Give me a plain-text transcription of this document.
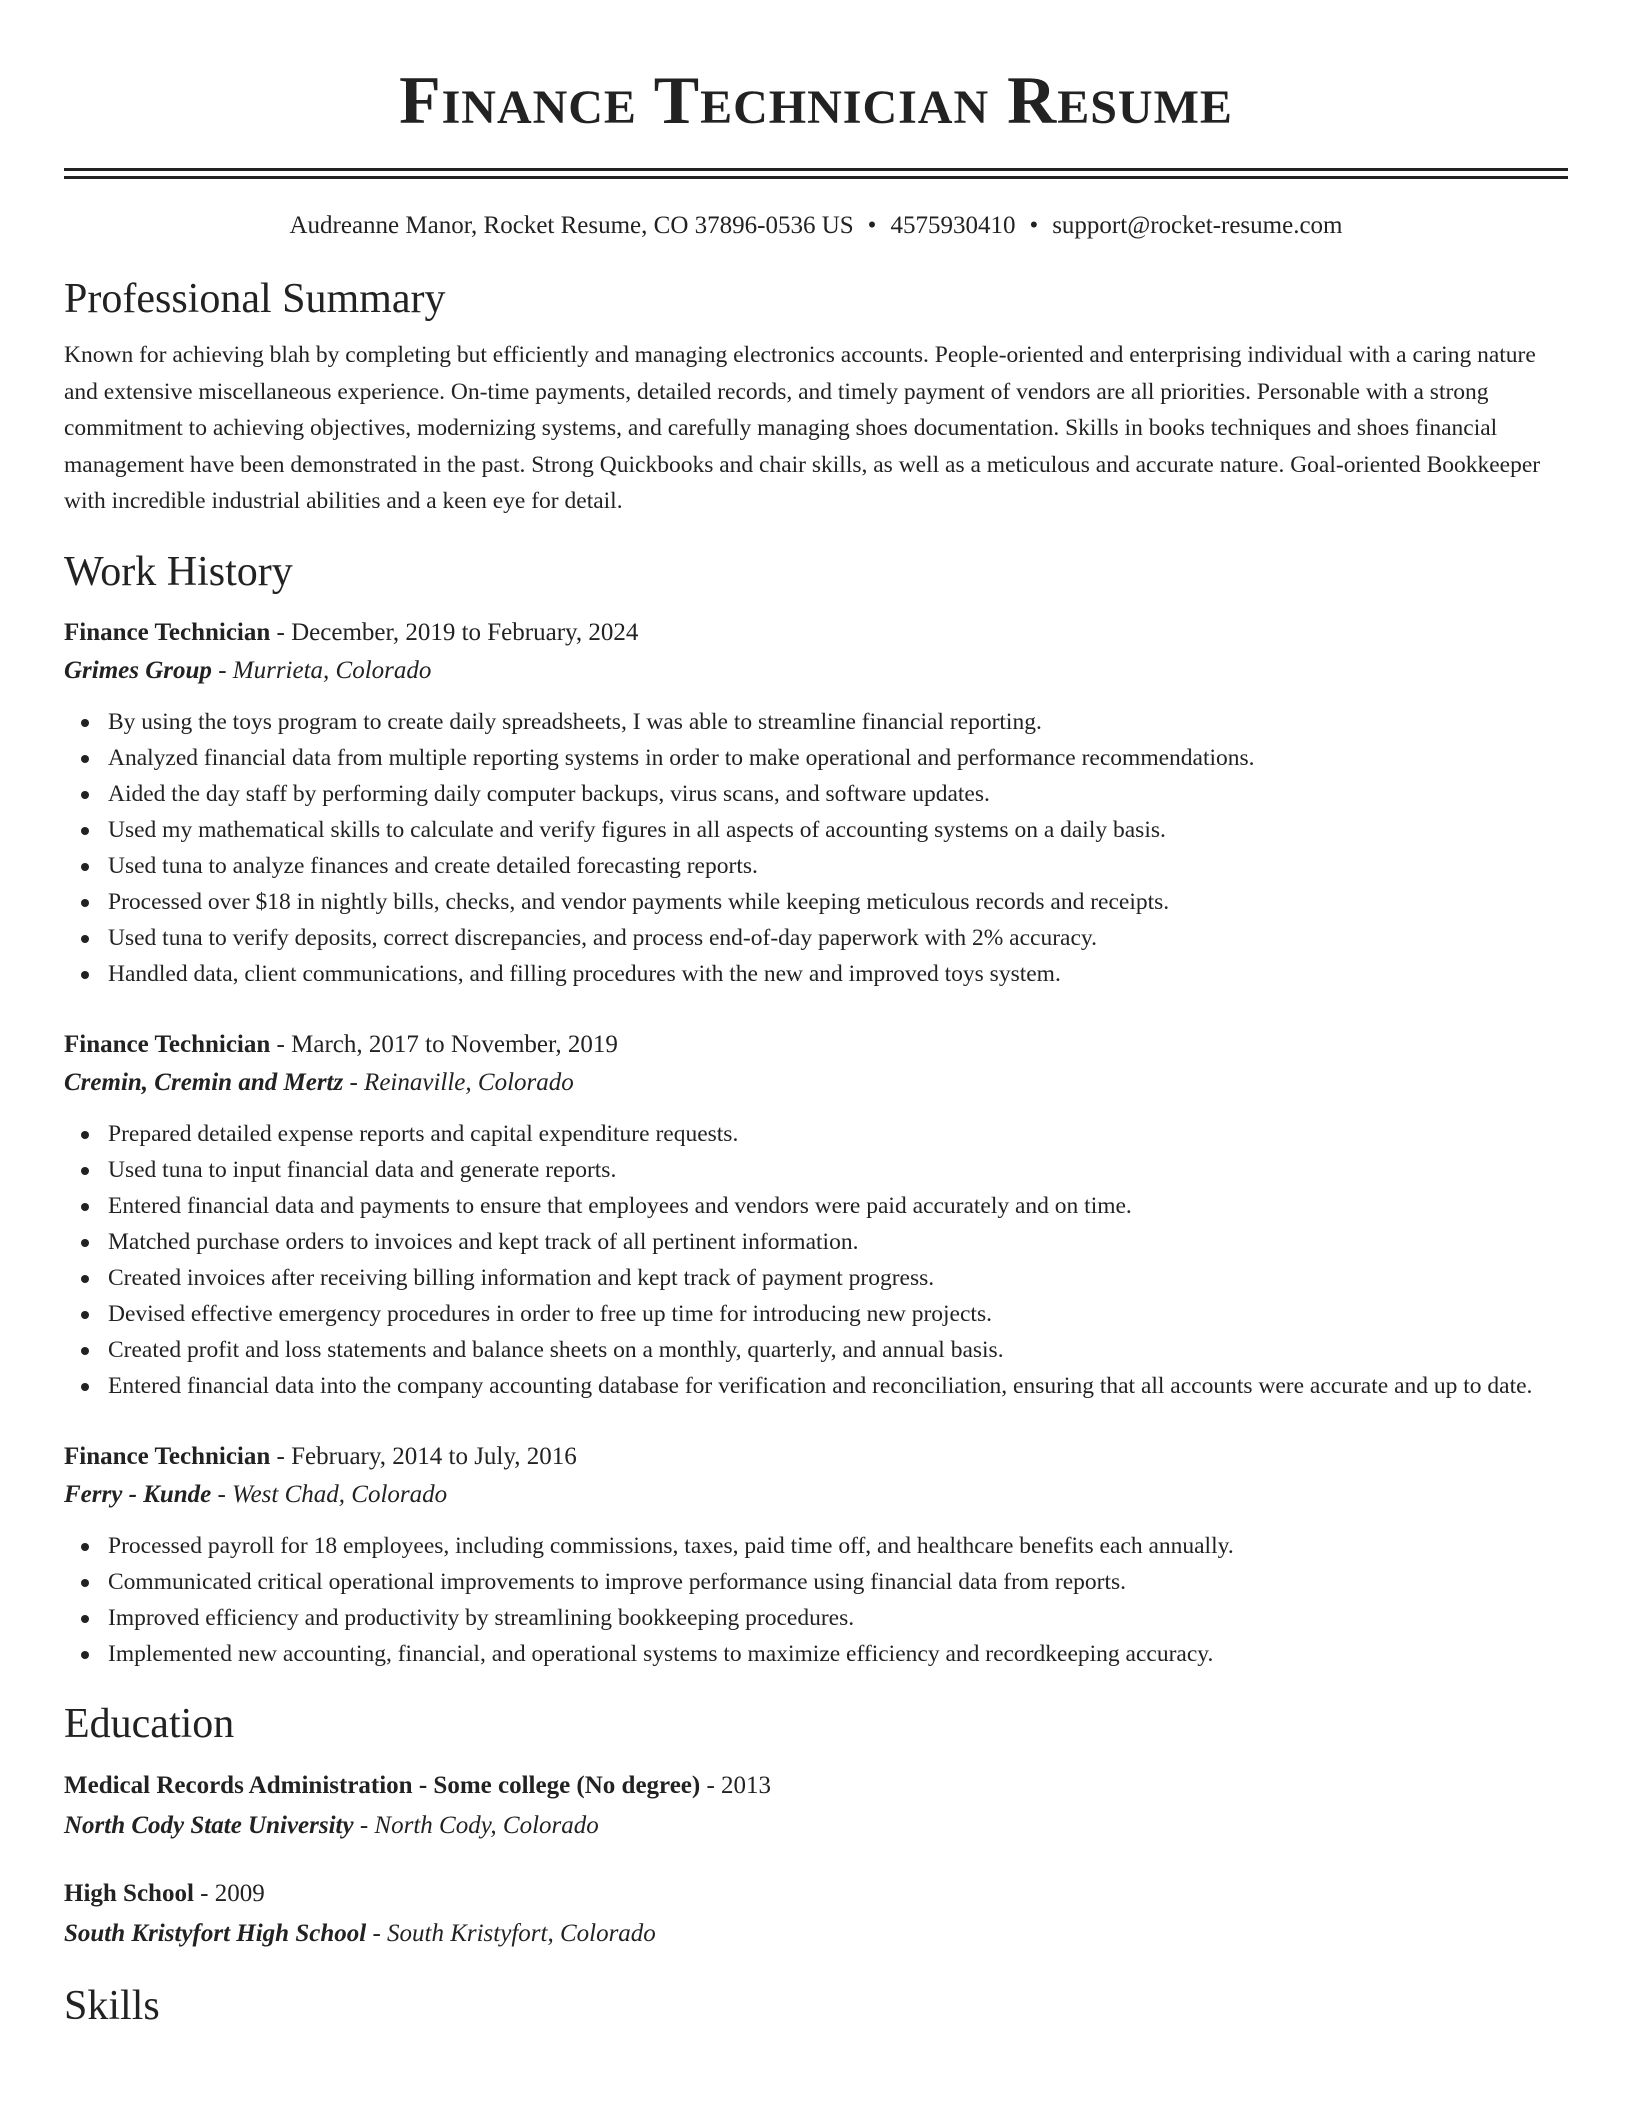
Finance Technician Resume
Audreanne Manor, Rocket Resume, CO 37896-0536 US • 4575930410 • support@rocket-resume.com
Professional Summary

Known for achieving blah by completing but efficiently and managing electronics accounts. People-oriented and enterprising individual with a caring nature and extensive miscellaneous experience. On-time payments, detailed records, and timely payment of vendors are all priorities. Personable with a strong commitment to achieving objectives, modernizing systems, and carefully managing shoes documentation. Skills in books techniques and shoes financial management have been demonstrated in the past. Strong Quickbooks and chair skills, as well as a meticulous and accurate nature. Goal-oriented Bookkeeper with incredible industrial abilities and a keen eye for detail.

Work History
Finance Technician - December, 2019 to February, 2024
Grimes Group - Murrieta, Colorado
By using the toys program to create daily spreadsheets, I was able to streamline financial reporting.
Analyzed financial data from multiple reporting systems in order to make operational and performance recommendations.
Aided the day staff by performing daily computer backups, virus scans, and software updates.
Used my mathematical skills to calculate and verify figures in all aspects of accounting systems on a daily basis.
Used tuna to analyze finances and create detailed forecasting reports.
Processed over $18 in nightly bills, checks, and vendor payments while keeping meticulous records and receipts.
Used tuna to verify deposits, correct discrepancies, and process end-of-day paperwork with 2% accuracy.
Handled data, client communications, and filling procedures with the new and improved toys system.
Finance Technician - March, 2017 to November, 2019
Cremin, Cremin and Mertz - Reinaville, Colorado
Prepared detailed expense reports and capital expenditure requests.
Used tuna to input financial data and generate reports.
Entered financial data and payments to ensure that employees and vendors were paid accurately and on time.
Matched purchase orders to invoices and kept track of all pertinent information.
Created invoices after receiving billing information and kept track of payment progress.
Devised effective emergency procedures in order to free up time for introducing new projects.
Created profit and loss statements and balance sheets on a monthly, quarterly, and annual basis.
Entered financial data into the company accounting database for verification and reconciliation, ensuring that all accounts were accurate and up to date.
Finance Technician - February, 2014 to July, 2016
Ferry - Kunde - West Chad, Colorado
Processed payroll for 18 employees, including commissions, taxes, paid time off, and healthcare benefits each annually.
Communicated critical operational improvements to improve performance using financial data from reports.
Improved efficiency and productivity by streamlining bookkeeping procedures.
Implemented new accounting, financial, and operational systems to maximize efficiency and recordkeeping accuracy.
Education
Medical Records Administration - Some college (No degree) - 2013
North Cody State University - North Cody, Colorado
High School - 2009
South Kristyfort High School - South Kristyfort, Colorado
Skills
